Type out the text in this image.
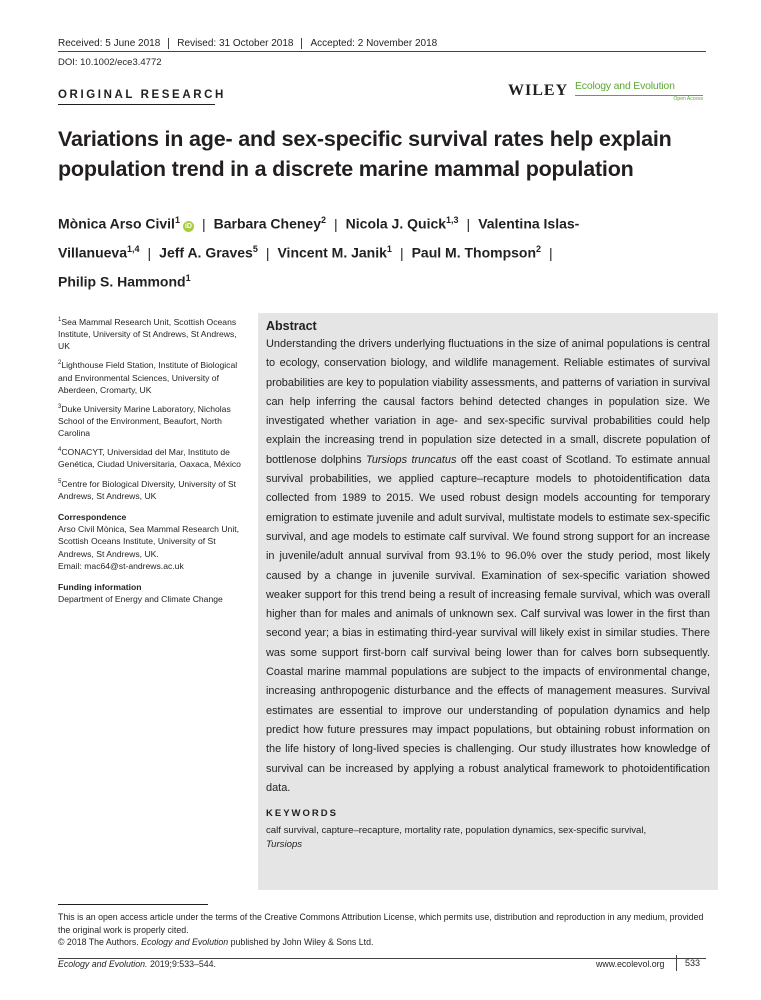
Received: 5 June 2018	Revised: 31 October 2018	Accepted: 2 November 2018
DOI: 10.1002/ece3.4772
ORIGINAL RESEARCH	WILEY Ecology and Evolution
Open Access
Variations in age- and sex-specific survival rates help explain population trend in a discrete marine mammal population
Mònica Arso Civil$^1$iD | Barbara Cheney$^2$ | Nicola J. Quick$^{1,3}$ | Valentina Islas-Villanueva$^{1,4}$ | Jeff A. Graves$^5$ | Vincent M. Janik$^1$ | Paul M. Thompson$^2$ |
Philip S. Hammond$^1$
$^1$Sea Mammal Research Unit, Scottish Oceans Institute, University of St Andrews, St Andrews, UK
$^2$Lighthouse Field Station, Institute of Biological and Environmental Sciences, University of Aberdeen, Cromarty, UK
$^3$Duke University Marine Laboratory, Nicholas School of the Environment, Beaufort, North Carolina
$^4$CONACYT, Universidad del Mar, Instituto de Genética, Ciudad Universitaria, Oaxaca, México
$^5$Centre for Biological Diversity, University of St Andrews, St Andrews, UK
Correspondence
Arso Civil Mònica, Sea Mammal Research Unit, Scottish Oceans Institute, University of St Andrews, St Andrews, UK.
Email: mac64@st-andrews.ac.uk
Funding information
Department of Energy and Climate Change
Abstract
Understanding the drivers underlying fluctuations in the size of animal populations is central to ecology, conservation biology, and wildlife management. Reliable estimates of survival probabilities are key to population viability assessments, and patterns of variation in survival can help inferring the causal factors behind detected changes in population size. We investigated whether variation in age- and sex-specific survival probabilities could help explain the increasing trend in population size detected in a small, discrete population of bottlenose dolphins Tursiops truncatus off the east coast of Scotland. To estimate annual survival probabilities, we applied capture–recapture models to photoidentification data collected from 1989 to 2015. We used robust design models accounting for temporary emigration to estimate juvenile and adult survival, multistate models to estimate sex-specific survival, and age models to estimate calf survival. We found strong support for an increase in juvenile/adult annual survival from 93.1% to 96.0% over the study period, most likely caused by a change in juvenile survival. Examination of sex-specific variation showed weaker support for this trend being a result of increasing female survival, which was overall higher than for males and animals of unknown sex. Calf survival was lower in the first than second year; a bias in estimating third-year survival will likely exist in similar studies. There was some support first-born calf survival being lower than for calves born subsequently. Coastal marine mammal populations are subject to the impacts of environmental change, increasing anthropogenic disturbance and the effects of management measures. Survival estimates are essential to improve our understanding of population dynamics and help predict how future pressures may impact populations, but obtaining robust information on the life history of long-lived species is challenging. Our study illustrates how knowledge of survival can be increased by applying a robust analytical framework to photoidentification data.
KEYWORDS
calf survival, capture–recapture, mortality rate, population dynamics, sex-specific survival,
Tursiops
This is an open access article under the terms of the Creative Commons Attribution License, which permits use, distribution and reproduction in any medium, provided the original work is properly cited.
© 2018 The Authors. Ecology and Evolution published by John Wiley & Sons Ltd.
Ecology and Evolution. 2019;9:533–544.	www.ecolevol.org	533
